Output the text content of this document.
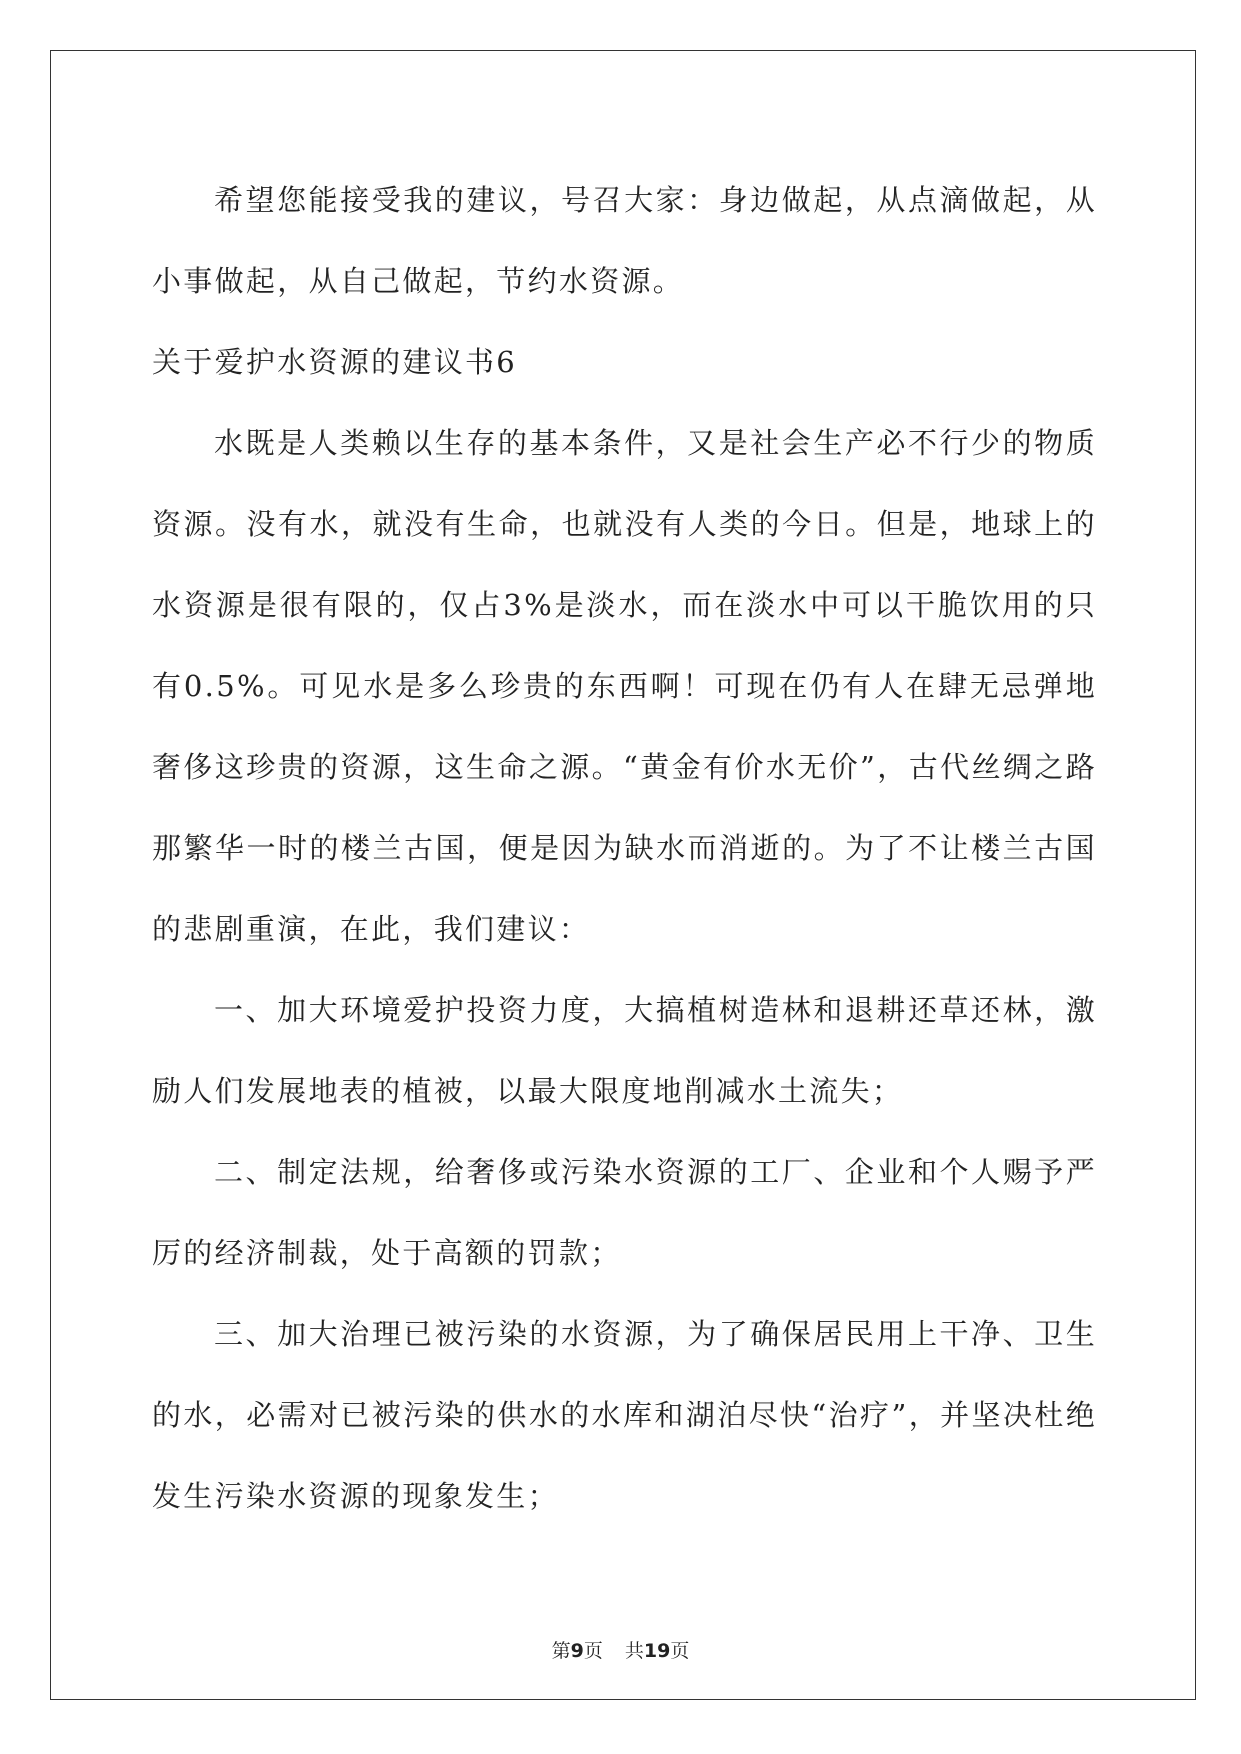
希望您能接受我的建议，号召大家：身边做起，从点滴做起，从小事做起，从自己做起，节约水资源。

关于爱护水资源的建议书6

水既是人类赖以生存的基本条件，又是社会生产必不行少的物质资源。没有水，就没有生命，也就没有人类的今日。但是，地球上的水资源是很有限的，仅占3%是淡水，而在淡水中可以干脆饮用的只有0.5%。可见水是多么珍贵的东西啊！可现在仍有人在肆无忌弹地奢侈这珍贵的资源，这生命之源。“黄金有价水无价”，古代丝绸之路那繁华一时的楼兰古国，便是因为缺水而消逝的。为了不让楼兰古国的悲剧重演，在此，我们建议：

一、加大环境爱护投资力度，大搞植树造林和退耕还草还林，激励人们发展地表的植被，以最大限度地削减水土流失；

二、制定法规，给奢侈或污染水资源的工厂、企业和个人赐予严厉的经济制裁，处于高额的罚款；

三、加大治理已被污染的水资源，为了确保居民用上干净、卫生的水，必需对已被污染的供水的水库和湖泊尽快“治疗”，并坚决杜绝发生污染水资源的现象发生；

第9页 共19页
